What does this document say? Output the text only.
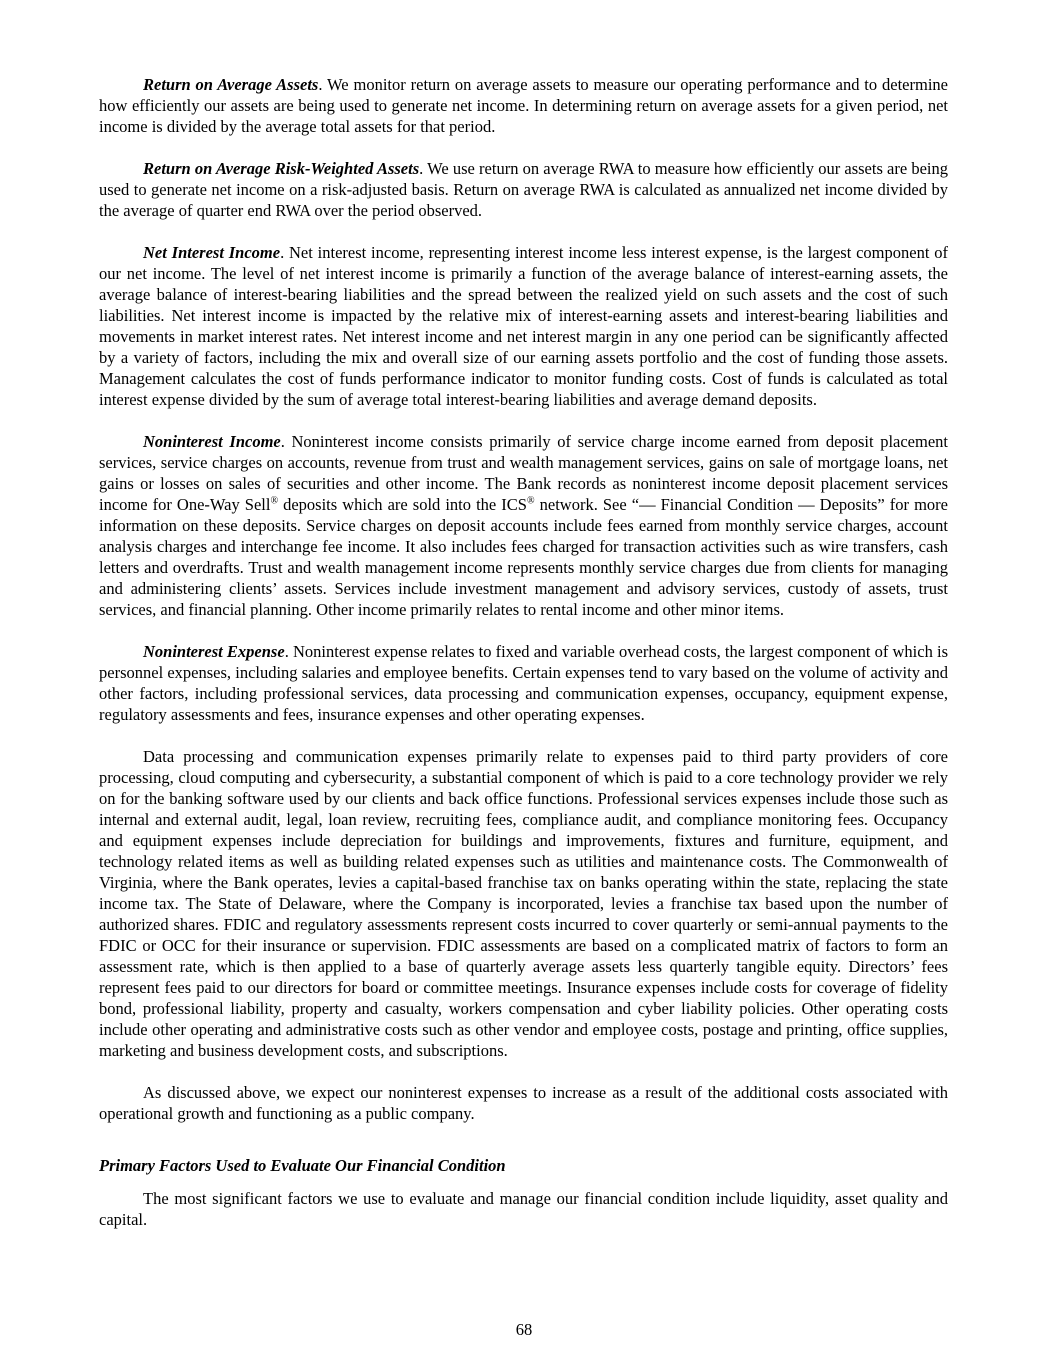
Return on Average Assets. We monitor return on average assets to measure our operating performance and to determine how efficiently our assets are being used to generate net income. In determining return on average assets for a given period, net income is divided by the average total assets for that period.

Return on Average Risk-Weighted Assets. We use return on average RWA to measure how efficiently our assets are being used to generate net income on a risk-adjusted basis. Return on average RWA is calculated as annualized net income divided by the average of quarter end RWA over the period observed.

Net Interest Income. Net interest income, representing interest income less interest expense, is the largest component of our net income. The level of net interest income is primarily a function of the average balance of interest-earning assets, the average balance of interest-bearing liabilities and the spread between the realized yield on such assets and the cost of such liabilities. Net interest income is impacted by the relative mix of interest-earning assets and interest-bearing liabilities and movements in market interest rates. Net interest income and net interest margin in any one period can be significantly affected by a variety of factors, including the mix and overall size of our earning assets portfolio and the cost of funding those assets. Management calculates the cost of funds performance indicator to monitor funding costs. Cost of funds is calculated as total interest expense divided by the sum of average total interest-bearing liabilities and average demand deposits.

Noninterest Income. Noninterest income consists primarily of service charge income earned from deposit placement services, service charges on accounts, revenue from trust and wealth management services, gains on sale of mortgage loans, net gains or losses on sales of securities and other income. The Bank records as noninterest income deposit placement services income for One-Way Sell® deposits which are sold into the ICS® network. See “— Financial Condition — Deposits” for more information on these deposits. Service charges on deposit accounts include fees earned from monthly service charges, account analysis charges and interchange fee income. It also includes fees charged for transaction activities such as wire transfers, cash letters and overdrafts. Trust and wealth management income represents monthly service charges due from clients for managing and administering clients’ assets. Services include investment management and advisory services, custody of assets, trust services, and financial planning. Other income primarily relates to rental income and other minor items.

Noninterest Expense. Noninterest expense relates to fixed and variable overhead costs, the largest component of which is personnel expenses, including salaries and employee benefits. Certain expenses tend to vary based on the volume of activity and other factors, including professional services, data processing and communication expenses, occupancy, equipment expense, regulatory assessments and fees, insurance expenses and other operating expenses.

Data processing and communication expenses primarily relate to expenses paid to third party providers of core processing, cloud computing and cybersecurity, a substantial component of which is paid to a core technology provider we rely on for the banking software used by our clients and back office functions. Professional services expenses include those such as internal and external audit, legal, loan review, recruiting fees, compliance audit, and compliance monitoring fees. Occupancy and equipment expenses include depreciation for buildings and improvements, fixtures and furniture, equipment, and technology related items as well as building related expenses such as utilities and maintenance costs. The Commonwealth of Virginia, where the Bank operates, levies a capital-based franchise tax on banks operating within the state, replacing the state income tax. The State of Delaware, where the Company is incorporated, levies a franchise tax based upon the number of authorized shares. FDIC and regulatory assessments represent costs incurred to cover quarterly or semi-annual payments to the FDIC or OCC for their insurance or supervision. FDIC assessments are based on a complicated matrix of factors to form an assessment rate, which is then applied to a base of quarterly average assets less quarterly tangible equity. Directors’ fees represent fees paid to our directors for board or committee meetings. Insurance expenses include costs for coverage of fidelity bond, professional liability, property and casualty, workers compensation and cyber liability policies. Other operating costs include other operating and administrative costs such as other vendor and employee costs, postage and printing, office supplies, marketing and business development costs, and subscriptions.

As discussed above, we expect our noninterest expenses to increase as a result of the additional costs associated with operational growth and functioning as a public company.

Primary Factors Used to Evaluate Our Financial Condition

The most significant factors we use to evaluate and manage our financial condition include liquidity, asset quality and capital.

68
